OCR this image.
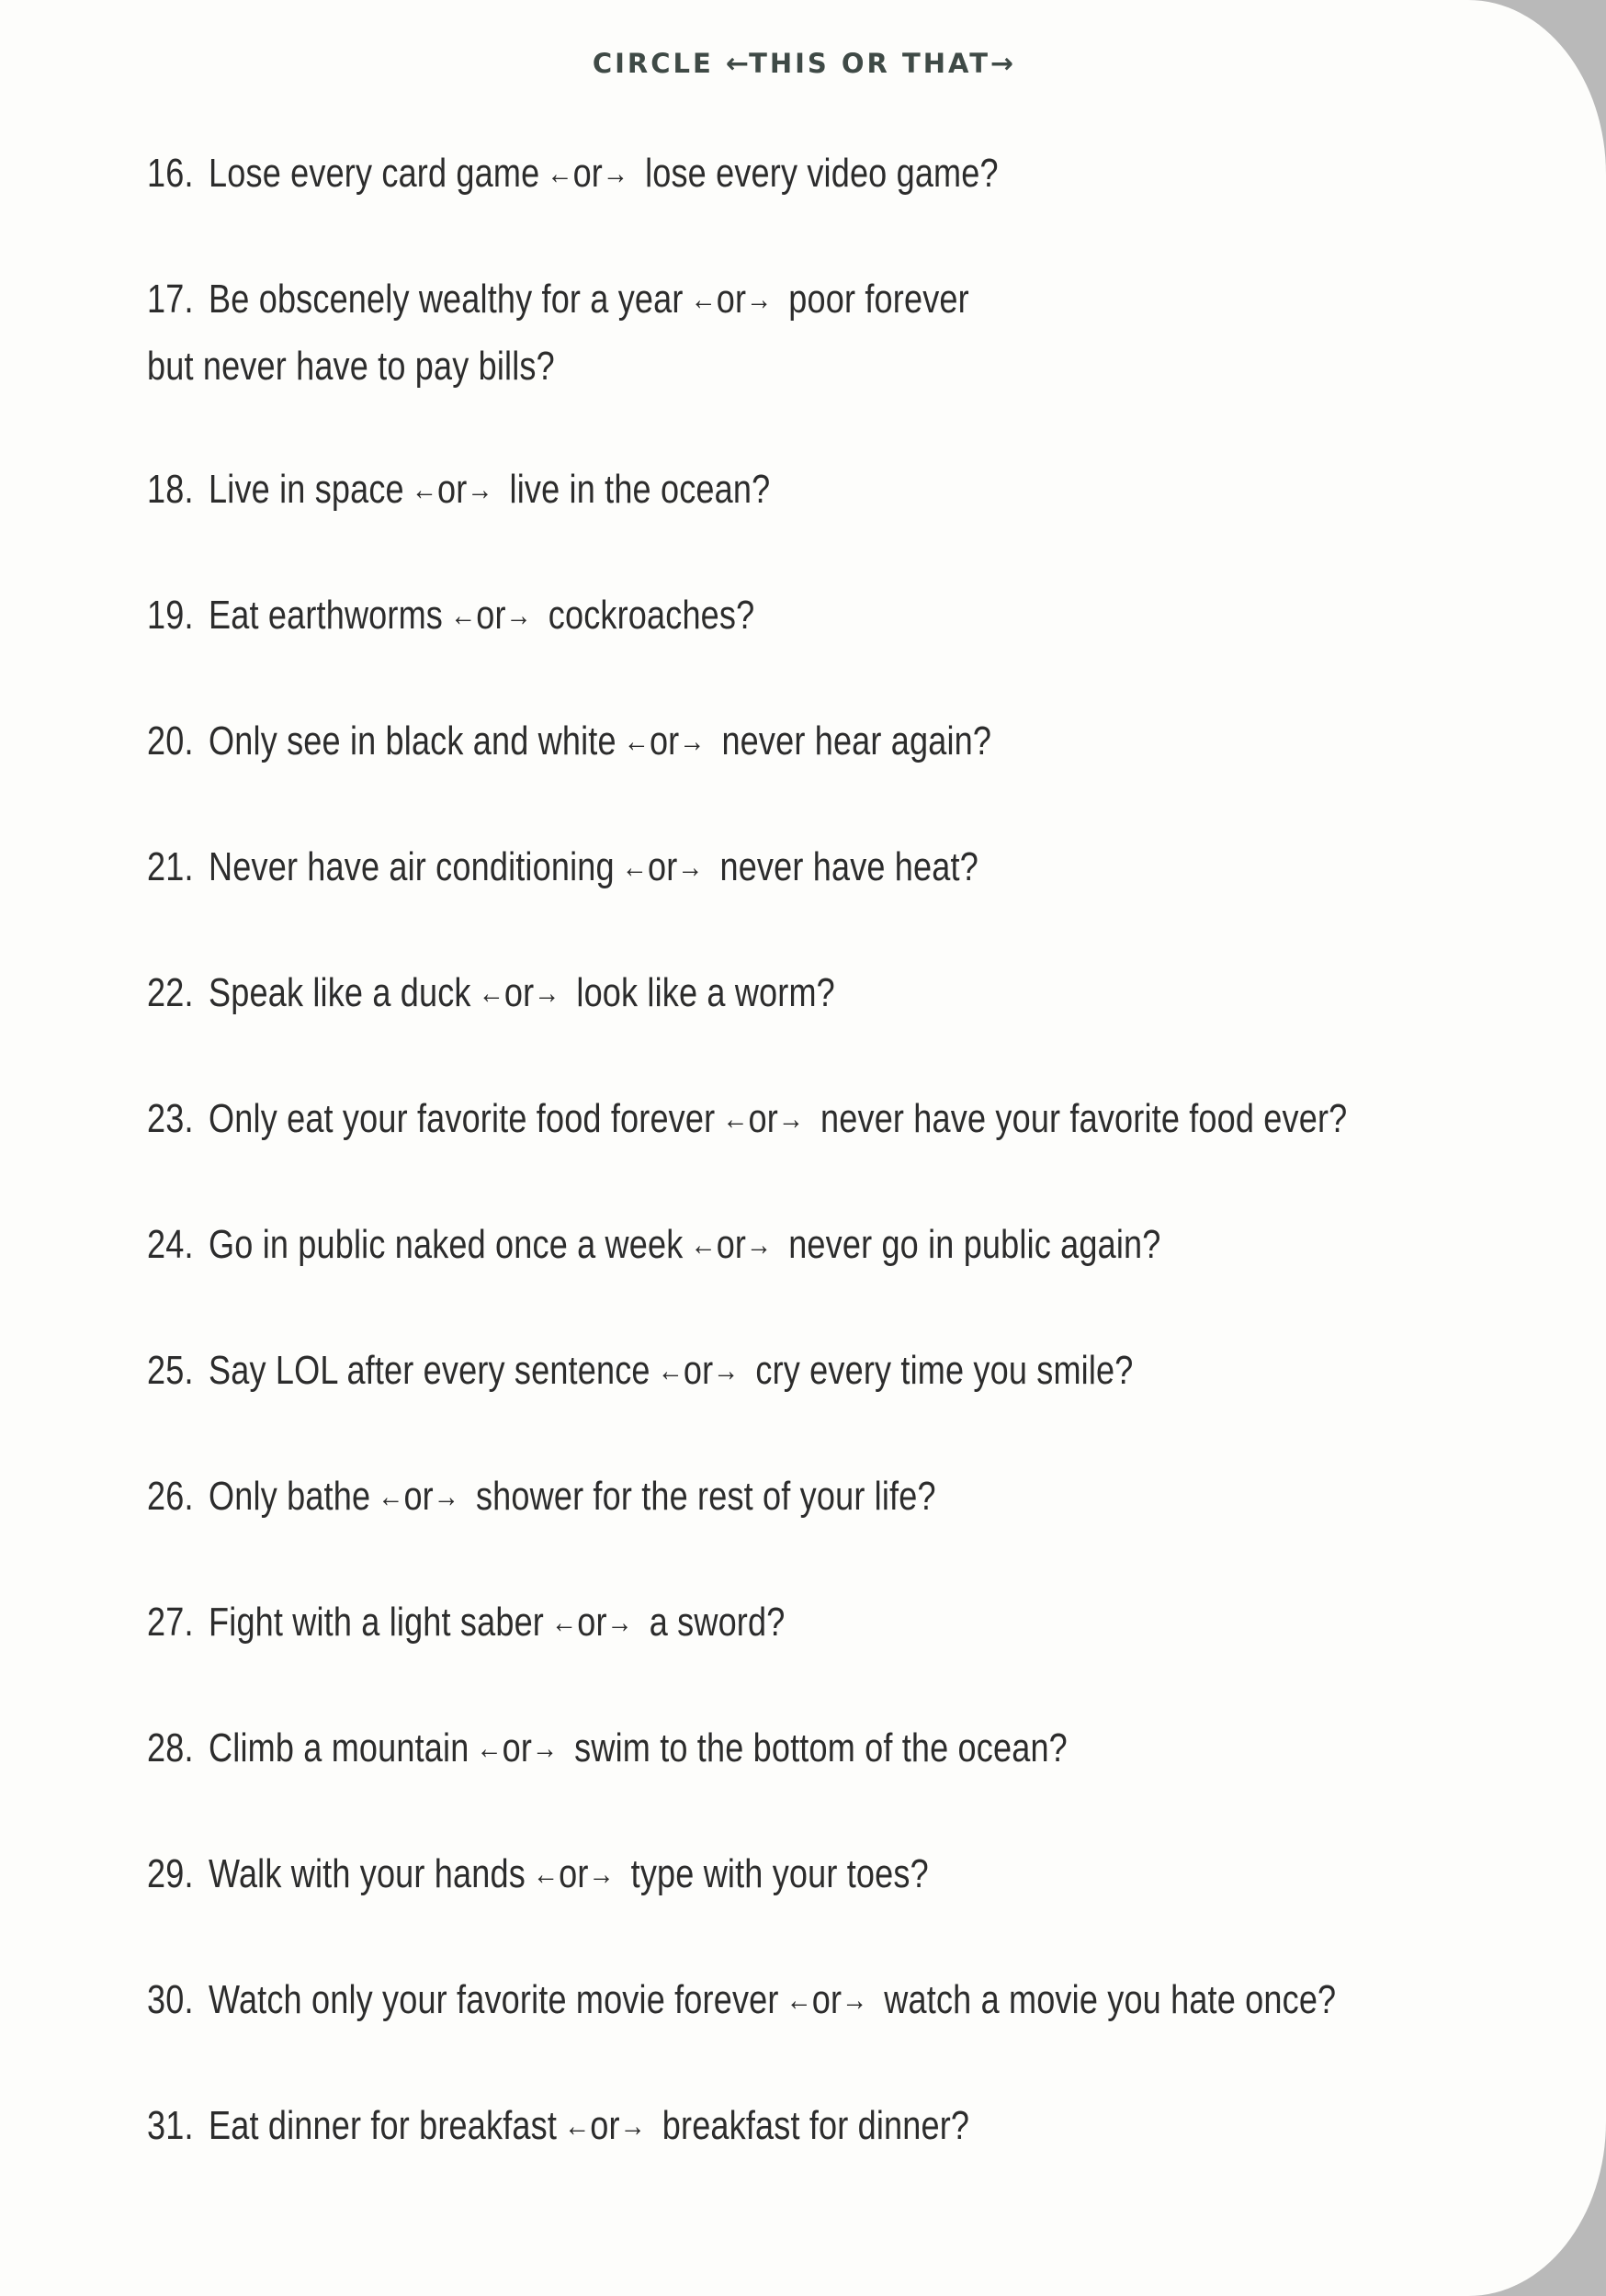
CIRCLE ←THIS OR THAT→
16. Lose every card game ←or→ lose every video game?
17. Be obscenely wealthy for a year ←or→ poor forever
but never have to pay bills?
18. Live in space ←or→ live in the ocean?
19. Eat earthworms ←or→ cockroaches?
20. Only see in black and white ←or→ never hear again?
21. Never have air conditioning ←or→ never have heat?
22. Speak like a duck ←or→ look like a worm?
23. Only eat your favorite food forever ←or→ never have your favorite food ever?
24. Go in public naked once a week ←or→ never go in public again?
25. Say LOL after every sentence ←or→ cry every time you smile?
26. Only bathe ←or→ shower for the rest of your life?
27. Fight with a light saber ←or→ a sword?
28. Climb a mountain ←or→ swim to the bottom of the ocean?
29. Walk with your hands ←or→ type with your toes?
30. Watch only your favorite movie forever ←or→ watch a movie you hate once?
31. Eat dinner for breakfast ←or→ breakfast for dinner?
